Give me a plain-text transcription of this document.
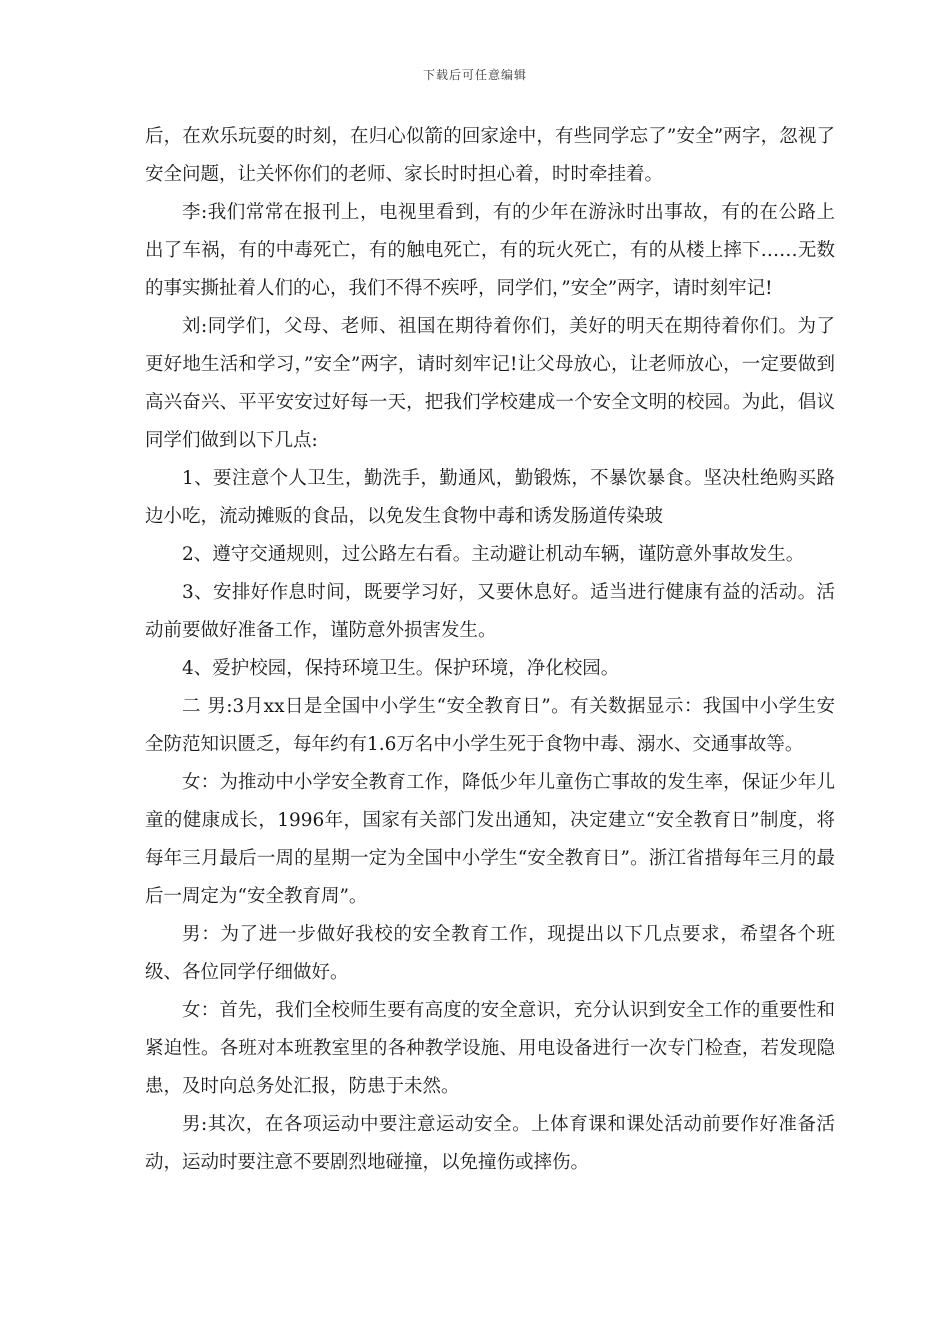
下载后可任意编辑

后，在欢乐玩耍的时刻，在归心似箭的回家途中，有些同学忘了”安全”两字，忽视了安全问题，让关怀你们的老师、家长时时担心着，时时牵挂着。

李:我们常常在报刊上，电视里看到，有的少年在游泳时出事故，有的在公路上出了车祸，有的中毒死亡，有的触电死亡，有的玩火死亡，有的从楼上摔下……无数的事实撕扯着人们的心，我们不得不疾呼，同学们，”安全”两字，请时刻牢记!

刘:同学们，父母、老师、祖国在期待着你们，美好的明天在期待着你们。为了更好地生活和学习，”安全”两字，请时刻牢记!让父母放心，让老师放心，一定要做到高兴奋兴、平平安安过好每一天，把我们学校建成一个安全文明的校园。为此，倡议同学们做到以下几点:

1、要注意个人卫生，勤洗手，勤通风，勤锻炼，不暴饮暴食。坚决杜绝购买路边小吃，流动摊贩的食品，以免发生食物中毒和诱发肠道传染玻

2、遵守交通规则，过公路左右看。主动避让机动车辆，谨防意外事故发生。

3、安排好作息时间，既要学习好，又要休息好。适当进行健康有益的活动。活动前要做好准备工作，谨防意外损害发生。

4、爱护校园，保持环境卫生。保护环境，净化校园。

二 男:3月xx日是全国中小学生“安全教育日”。有关数据显示：我国中小学生安全防范知识匮乏，每年约有1.6万名中小学生死于食物中毒、溺水、交通事故等。

女：为推动中小学安全教育工作，降低少年儿童伤亡事故的发生率，保证少年儿童的健康成长，1996年，国家有关部门发出通知，决定建立“安全教育日”制度，将每年三月最后一周的星期一定为全国中小学生“安全教育日”。浙江省措每年三月的最后一周定为“安全教育周”。

男：为了进一步做好我校的安全教育工作，现提出以下几点要求，希望各个班级、各位同学仔细做好。

女：首先，我们全校师生要有高度的安全意识，充分认识到安全工作的重要性和紧迫性。各班对本班教室里的各种教学设施、用电设备进行一次专门检查，若发现隐患，及时向总务处汇报，防患于未然。

男:其次，在各项运动中要注意运动安全。上体育课和课处活动前要作好准备活动，运动时要注意不要剧烈地碰撞，以免撞伤或摔伤。
